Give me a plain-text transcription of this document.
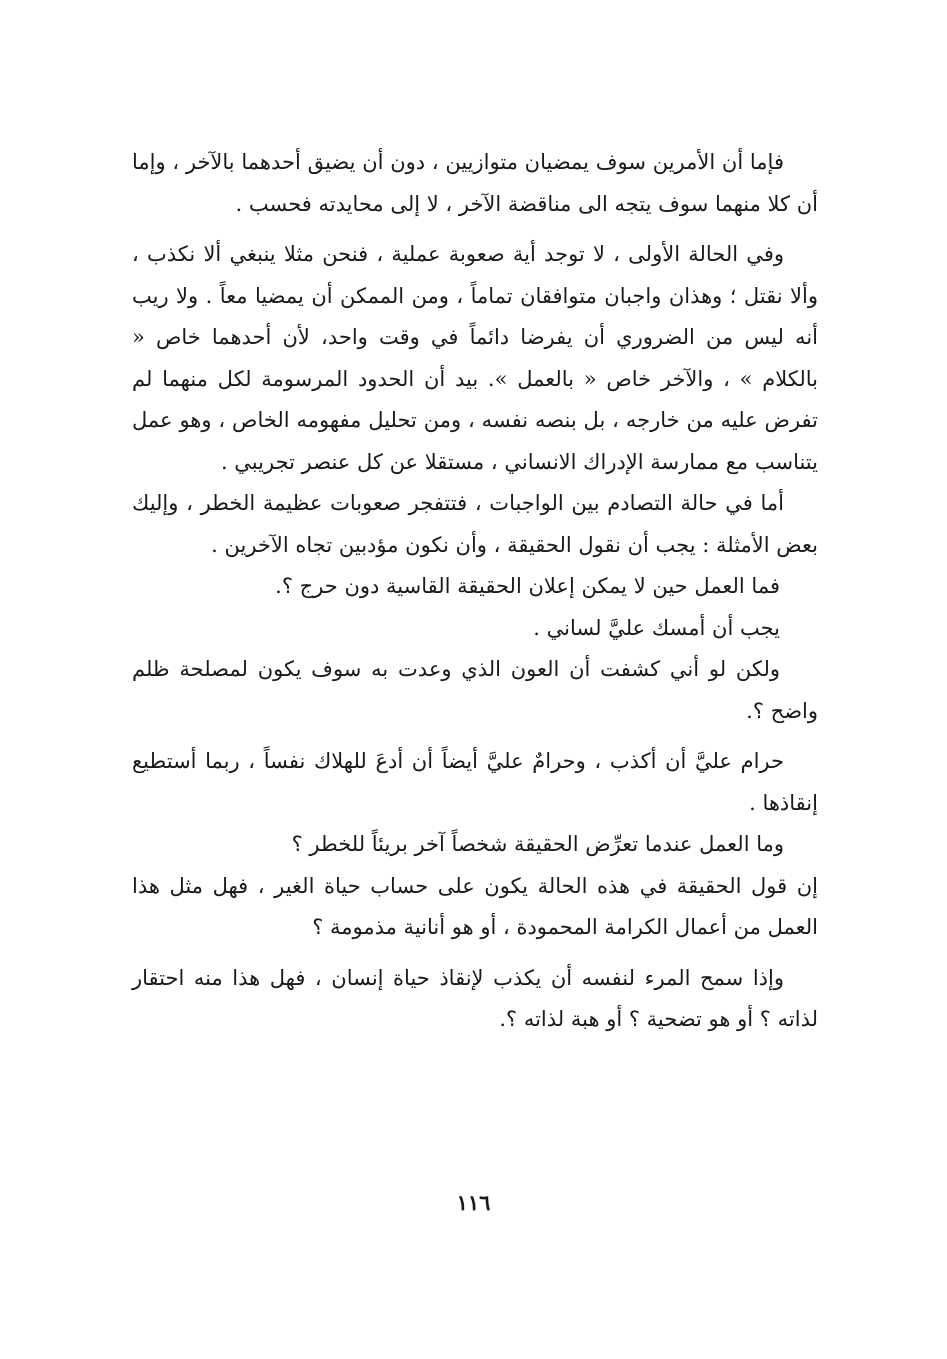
فإما أن الأمرين سوف يمضيان متوازيين ، دون أن يضيق أحدهما بالآخر ، وإما أن كلا منهما سوف يتجه الى مناقضة الآخر ، لا إلى محايدته فحسب .

وفي الحالة الأولى ، لا توجد أية صعوبة عملية ، فنحن مثلا ينبغي ألا نكذب ، وألا نقتل ؛ وهذان واجبان متوافقان تماماً ، ومن الممكن أن يمضيا معاً . ولا ريب أنه ليس من الضروري أن يفرضا دائماً في وقت واحد، لأن أحدهما خاص « بالكلام » ، والآخر خاص « بالعمل ». بيد أن الحدود المرسومة لكل منهما لم تفرض عليه من خارجه ، بل بنصه نفسه ، ومن تحليل مفهومه الخاص ، وهو عمل يتناسب مع ممارسة الإدراك الانساني ، مستقلا عن كل عنصر تجريبي .

أما في حالة التصادم بين الواجبات ، فتتفجر صعوبات عظيمة الخطر ، وإليك بعض الأمثلة : يجب أن نقول الحقيقة ، وأن نكون مؤدبين تجاه الآخرين .

فما العمل حين لا يمكن إعلان الحقيقة القاسية دون حرج ؟.

يجب أن أمسك عليَّ لساني .

ولكن لو أني كشفت أن العون الذي وعدت به سوف يكون لمصلحة ظلم واضح ؟.

حرام عليَّ أن أكذب ، وحرامٌ عليَّ أيضاً أن أدعَ للهلاك نفساً ، ربما أستطيع إنقاذها .

وما العمل عندما تعرِّض الحقيقة شخصاً آخر بريئاً للخطر ؟

إن قول الحقيقة في هذه الحالة يكون على حساب حياة الغير ، فهل مثل هذا العمل من أعمال الكرامة المحمودة ، أو هو أنانية مذمومة ؟

وإذا سمح المرء لنفسه أن يكذب لإنقاذ حياة إنسان ، فهل هذا منه احتقار لذاته ؟ أو هو تضحية ؟ أو هبة لذاته ؟.

١١٦
